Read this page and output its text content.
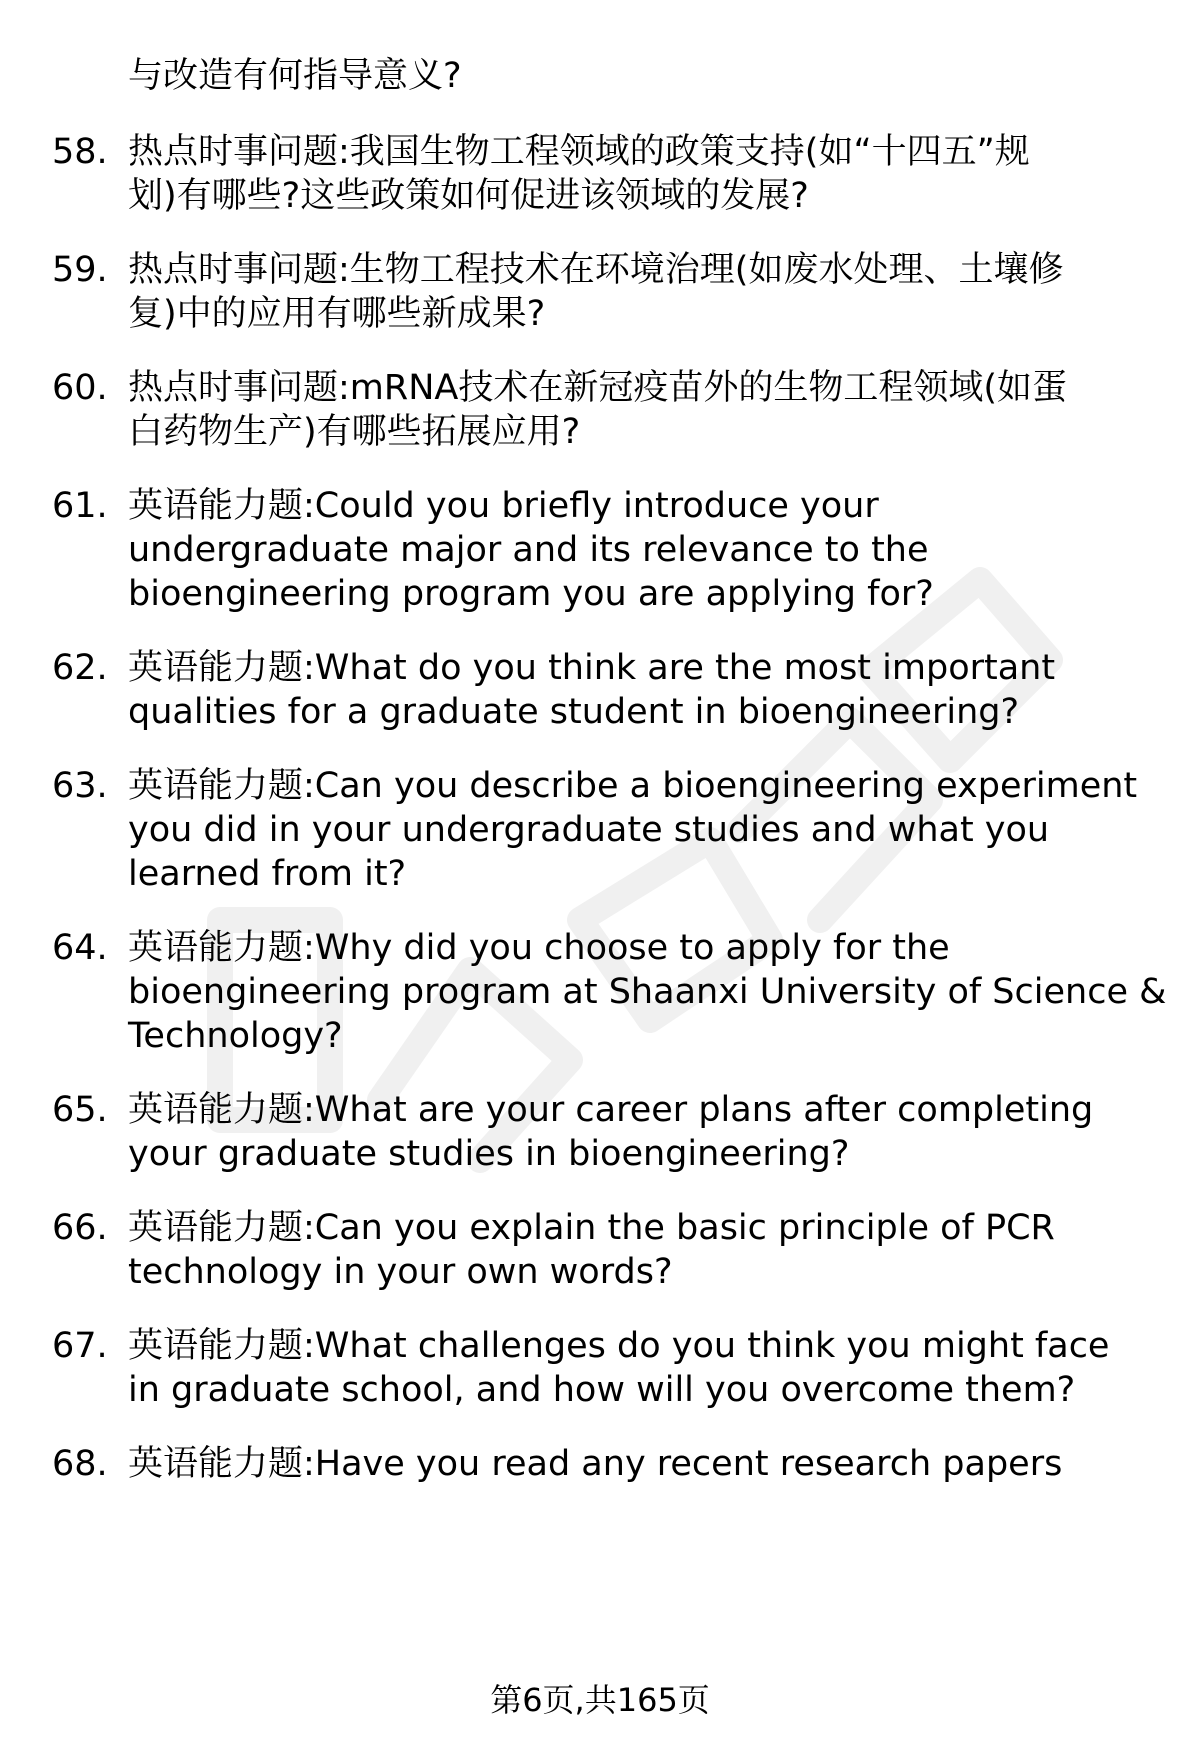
与改造有何指导意义?
58. 热点时事问题:我国生物工程领域的政策支持(如“十四五”规
划)有哪些?这些政策如何促进该领域的发展?
59. 热点时事问题:生物工程技术在环境治理(如废水处理、土壤修
复)中的应用有哪些新成果?
60. 热点时事问题:mRNA技术在新冠疫苗外的生物工程领域(如蛋
白药物生产)有哪些拓展应用?
61. 英语能力题:Could you briefly introduce your
undergraduate major and its relevance to the
bioengineering program you are applying for?
62. 英语能力题:What do you think are the most important
qualities for a graduate student in bioengineering?
63. 英语能力题:Can you describe a bioengineering experiment
you did in your undergraduate studies and what you
learned from it?
64. 英语能力题:Why did you choose to apply for the
bioengineering program at Shaanxi University of Science &
Technology?
65. 英语能力题:What are your career plans after completing
your graduate studies in bioengineering?
66. 英语能力题:Can you explain the basic principle of PCR
technology in your own words?
67. 英语能力题:What challenges do you think you might face
in graduate school, and how will you overcome them?
68. 英语能力题:Have you read any recent research papers
第6页,共165页
